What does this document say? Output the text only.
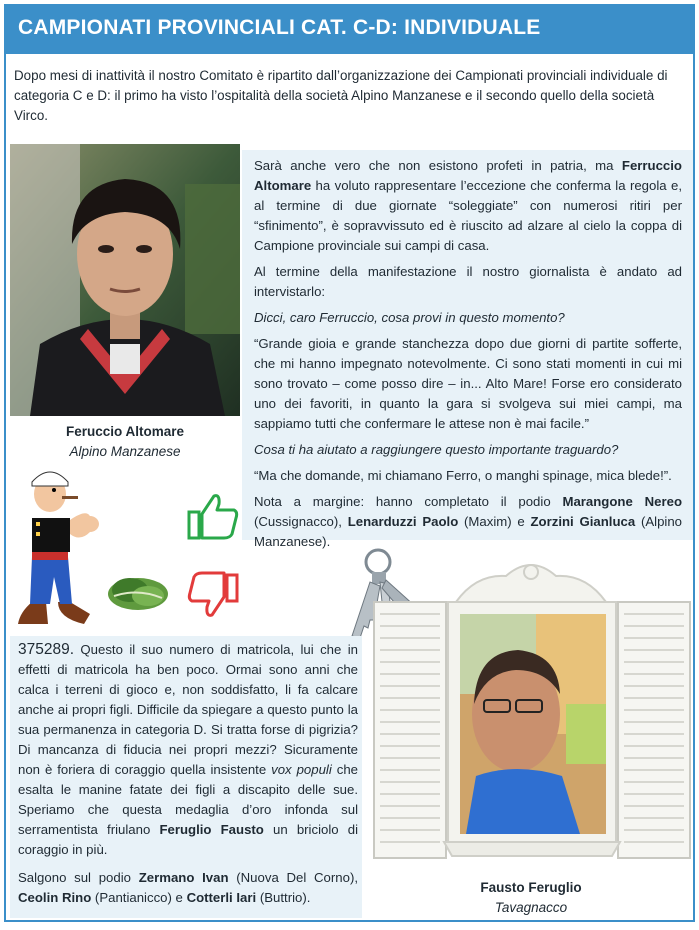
CAMPIONATI PROVINCIALI CAT. C-D: INDIVIDUALE
Dopo mesi di inattività il nostro Comitato è ripartito dall’organizzazione dei Campionati provinciali individuale di categoria C e D: il primo ha visto l’ospitalità della società Alpino Manzanese e il secondo quello della società Virco.
Feruccio Altomare
Alpino Manzanese

Sarà anche vero che non esistono profeti in patria, ma Ferruccio Altomare ha voluto rappresentare l’eccezione che conferma la regola e, al termine di due giornate “soleggiate” con numerosi ritiri per “sfinimento”, è sopravvissuto ed è riuscito ad alzare al cielo la coppa di Campione provinciale sui campi di casa.

Al termine della manifestazione il nostro giornalista è andato ad intervistarlo:

Dicci, caro Ferruccio, cosa provi in questo momento?

“Grande gioia e grande stanchezza dopo due giorni di partite sofferte, che mi hanno impegnato notevolmente. Ci sono stati momenti in cui mi sono trovato – come posso dire – in... Alto Mare! Forse ero considerato uno dei favoriti, in quanto la gara si svolgeva sui miei campi, ma sappiamo tutti che confermare le attese non è mai facile.”

Cosa ti ha aiutato a raggiungere questo importante traguardo?

“Ma che domande, mi chiamano Ferro, o manghi spinage, mica blede!”.

Nota a margine: hanno completato il podio Marangone Nereo (Cussignacco), Lenarduzzi Paolo (Maxim) e Zorzini Gianluca (Alpino Manzanese).

Fausto Feruglio
Tavagnacco

375289. Questo il suo numero di matricola, lui che in effetti di matricola ha ben poco. Ormai sono anni che calca i terreni di gioco e, non soddisfatto, li fa calcare anche ai propri figli. Difficile da spiegare a questo punto la sua permanenza in categoria D. Si tratta forse di pigrizia? Di mancanza di fiducia nei propri mezzi? Sicuramente non è foriera di coraggio quella insistente vox populi che esalta le manine fatate dei figli a discapito delle sue. Speriamo che questa medaglia d’oro infonda sul serramentista friulano Feruglio Fausto un briciolo di coraggio in più.

Salgono sul podio Zermano Ivan (Nuova Del Corno), Ceolin Rino (Pantianicco) e Cotterli Iari (Buttrio).
